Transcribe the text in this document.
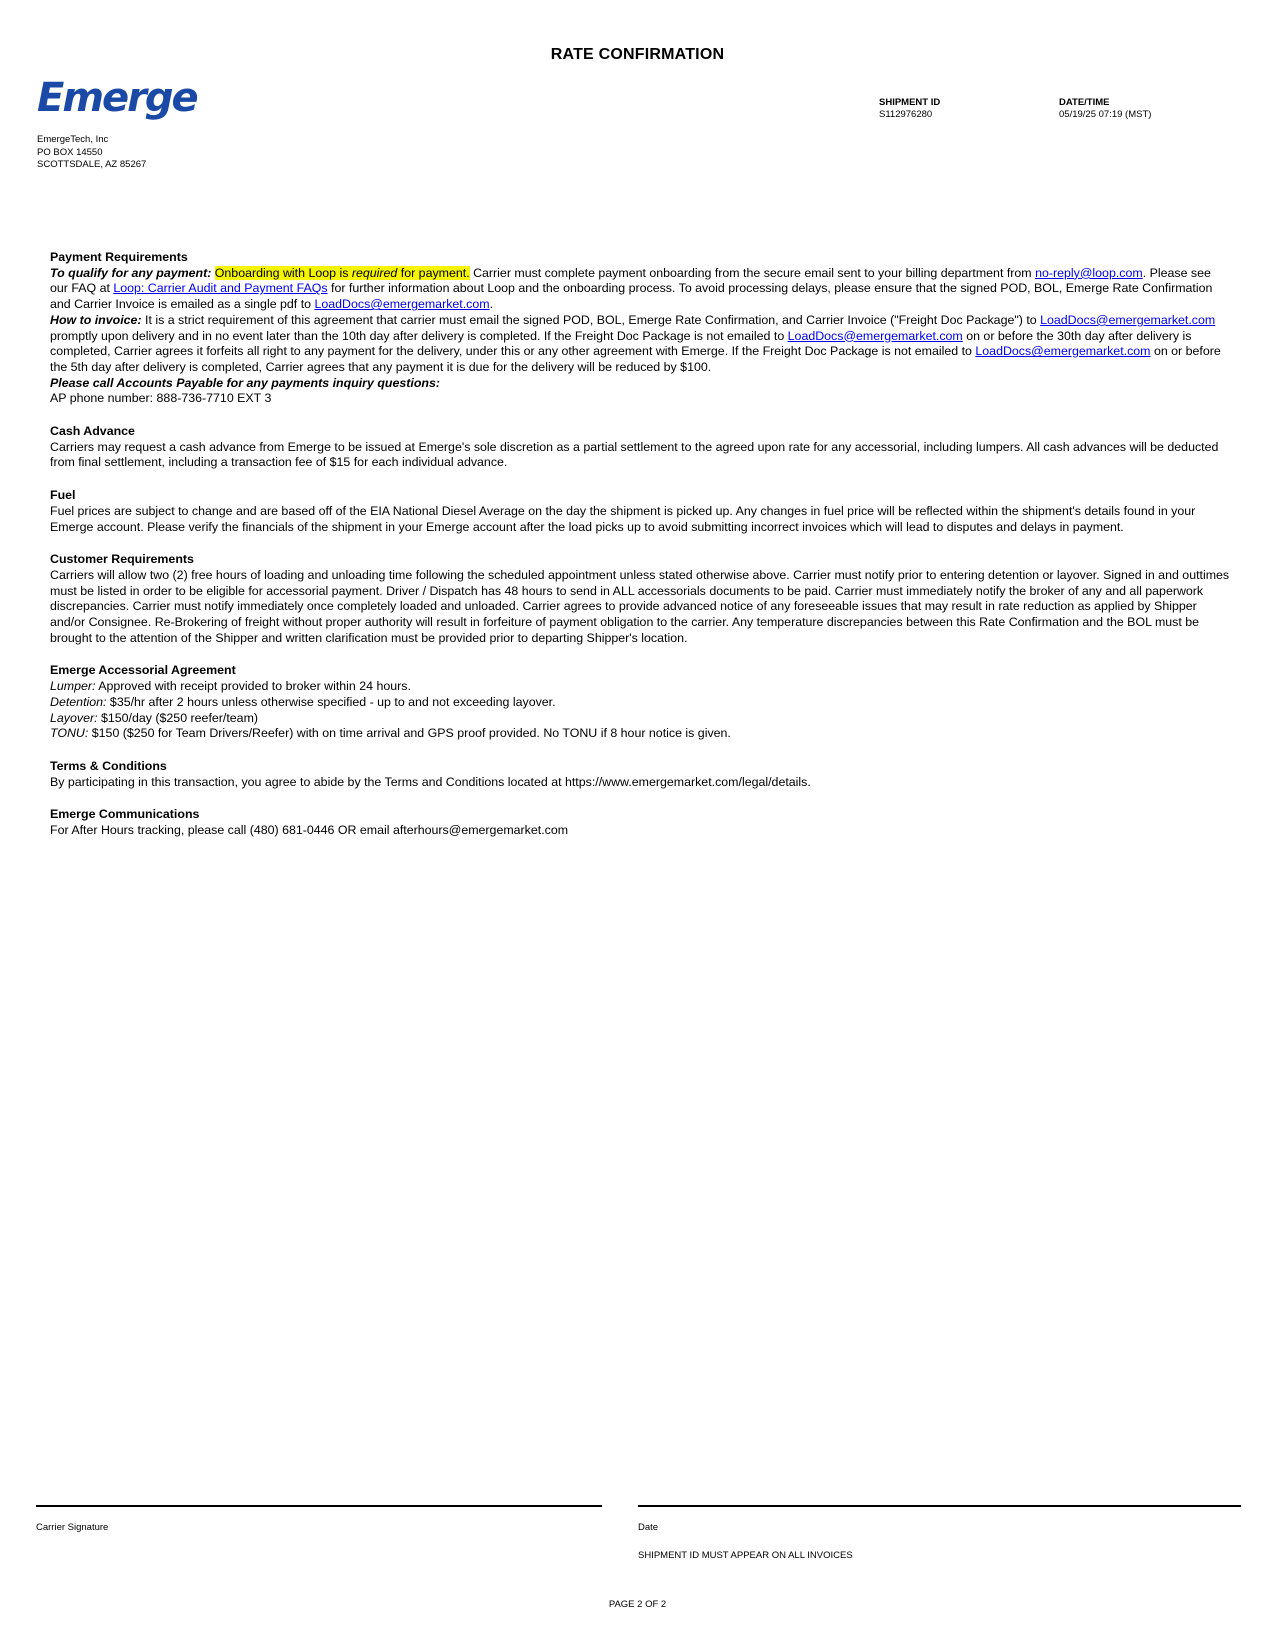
RATE CONFIRMATION
Emerge
EmergeTech, Inc
PO BOX 14550
SCOTTSDALE, AZ 85267
SHIPMENT ID
S112976280
DATE/TIME
05/19/25 07:19 (MST)

Payment Requirements

To qualify for any payment: Onboarding with Loop is required for payment. Carrier must complete payment onboarding from the secure email sent to your billing department from no-reply@loop.com. Please see our FAQ at Loop: Carrier Audit and Payment FAQs for further information about Loop and the onboarding process. To avoid processing delays, please ensure that the signed POD, BOL, Emerge Rate Confirmation and Carrier Invoice is emailed as a single pdf to LoadDocs@emergemarket.com.

How to invoice: It is a strict requirement of this agreement that carrier must email the signed POD, BOL, Emerge Rate Confirmation, and Carrier Invoice ("Freight Doc Package") to LoadDocs@emergemarket.com promptly upon delivery and in no event later than the 10th day after delivery is completed. If the Freight Doc Package is not emailed to LoadDocs@emergemarket.com on or before the 30th day after delivery is completed, Carrier agrees it forfeits all right to any payment for the delivery, under this or any other agreement with Emerge. If the Freight Doc Package is not emailed to LoadDocs@emergemarket.com on or before the 5th day after delivery is completed, Carrier agrees that any payment it is due for the delivery will be reduced by $100.

Please call Accounts Payable for any payments inquiry questions:

AP phone number: 888-736-7710 EXT 3

Cash Advance

Carriers may request a cash advance from Emerge to be issued at Emerge's sole discretion as a partial settlement to the agreed upon rate for any accessorial, including lumpers. All cash advances will be deducted from final settlement, including a transaction fee of $15 for each individual advance.

Fuel

Fuel prices are subject to change and are based off of the EIA National Diesel Average on the day the shipment is picked up. Any changes in fuel price will be reflected within the shipment's details found in your Emerge account. Please verify the financials of the shipment in your Emerge account after the load picks up to avoid submitting incorrect invoices which will lead to disputes and delays in payment.

Customer Requirements

Carriers will allow two (2) free hours of loading and unloading time following the scheduled appointment unless stated otherwise above. Carrier must notify prior to entering detention or layover. Signed in and outtimes must be listed in order to be eligible for accessorial payment. Driver / Dispatch has 48 hours to send in ALL accessorials documents to be paid. Carrier must immediately notify the broker of any and all paperwork discrepancies. Carrier must notify immediately once completely loaded and unloaded. Carrier agrees to provide advanced notice of any foreseeable issues that may result in rate reduction as applied by Shipper and/or Consignee. Re-Brokering of freight without proper authority will result in forfeiture of payment obligation to the carrier. Any temperature discrepancies between this Rate Confirmation and the BOL must be brought to the attention of the Shipper and written clarification must be provided prior to departing Shipper's location.

Emerge Accessorial Agreement

Lumper: Approved with receipt provided to broker within 24 hours.

Detention: $35/hr after 2 hours unless otherwise specified - up to and not exceeding layover.

Layover: $150/day ($250 reefer/team)

TONU: $150 ($250 for Team Drivers/Reefer) with on time arrival and GPS proof provided. No TONU if 8 hour notice is given.

Terms & Conditions

By participating in this transaction, you agree to abide by the Terms and Conditions located at https://www.emergemarket.com/legal/details.

Emerge Communications

For After Hours tracking, please call (480) 681-0446 OR email afterhours@emergemarket.com

Carrier Signature	Date
SHIPMENT ID MUST APPEAR ON ALL INVOICES
PAGE 2 OF 2
